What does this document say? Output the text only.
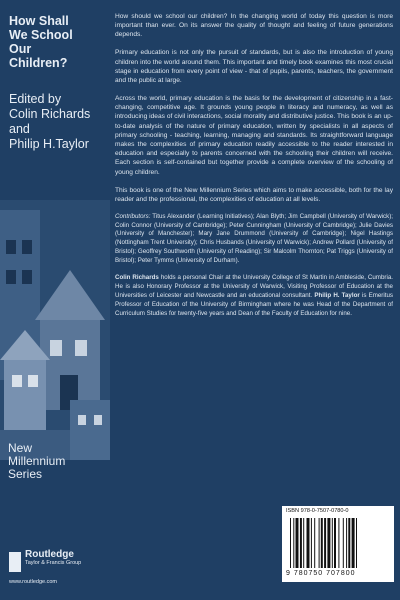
How Shall
We School
Our
Children?
Edited by
Colin Richards
and
Philip H.Taylor
New
Millennium
Series
Routledge
Taylor & Francis Group
www.routledge.com

How should we school our children? In the changing world of today this question is more important than ever. On its answer the quality of thought and feeling of future generations depends.

Primary education is not only the pursuit of standards, but is also the introduction of young children into the world around them. This important and timely book examines this most crucial stage in education from every point of view - that of pupils, parents, teachers, the government and the public at large.

Across the world, primary education is the basis for the development of citizenship in a fast-changing, competitive age. It grounds young people in literacy and numeracy, as well as introducing ideas of civil interactions, social morality and distributive justice. This book is an up-to-date analysis of the nature of primary education, written by specialists in all aspects of primary schooling - teaching, learning, managing and standards. Its straightforward language makes the complexities of primary education readily accessible to the reader interested in education and especially to parents concerned with the schooling their children will receive. Each section is self-contained but together provide a complete overview of the schooling of young children.

This book is one of the New Millennium Series which aims to make accessible, both for the lay reader and the professional, the complexities of education at all levels.

Contributors: Titus Alexander (Learning Initiatives); Alan Blyth; Jim Campbell (University of Warwick); Colin Connor (University of Cambridge); Peter Cunningham (University of Cambridge); Julie Davies (University of Manchester); Mary Jane Drummond (University of Cambridge); Nigel Hastings (Nottingham Trent University); Chris Husbands (University of Warwick); Andrew Pollard (University of Bristol); Geoffrey Southworth (University of Reading); Sir Malcolm Thornton; Pat Triggs (University of Bristol); Peter Tymms (University of Durham).

Colin Richards holds a personal Chair at the University College of St Martin in Ambleside, Cumbria. He is also Honorary Professor at the University of Warwick, Visiting Professor of Education at the Universities of Leicester and Newcastle and an educational consultant. Philip H. Taylor is Emeritus Professor of Education of the University of Birmingham where he was Head of the Department of Curriculum Studies for twenty-five years and Dean of the Faculty of Education for nine.

ISBN 978-0-7507-0780-0
9 780750 707800
